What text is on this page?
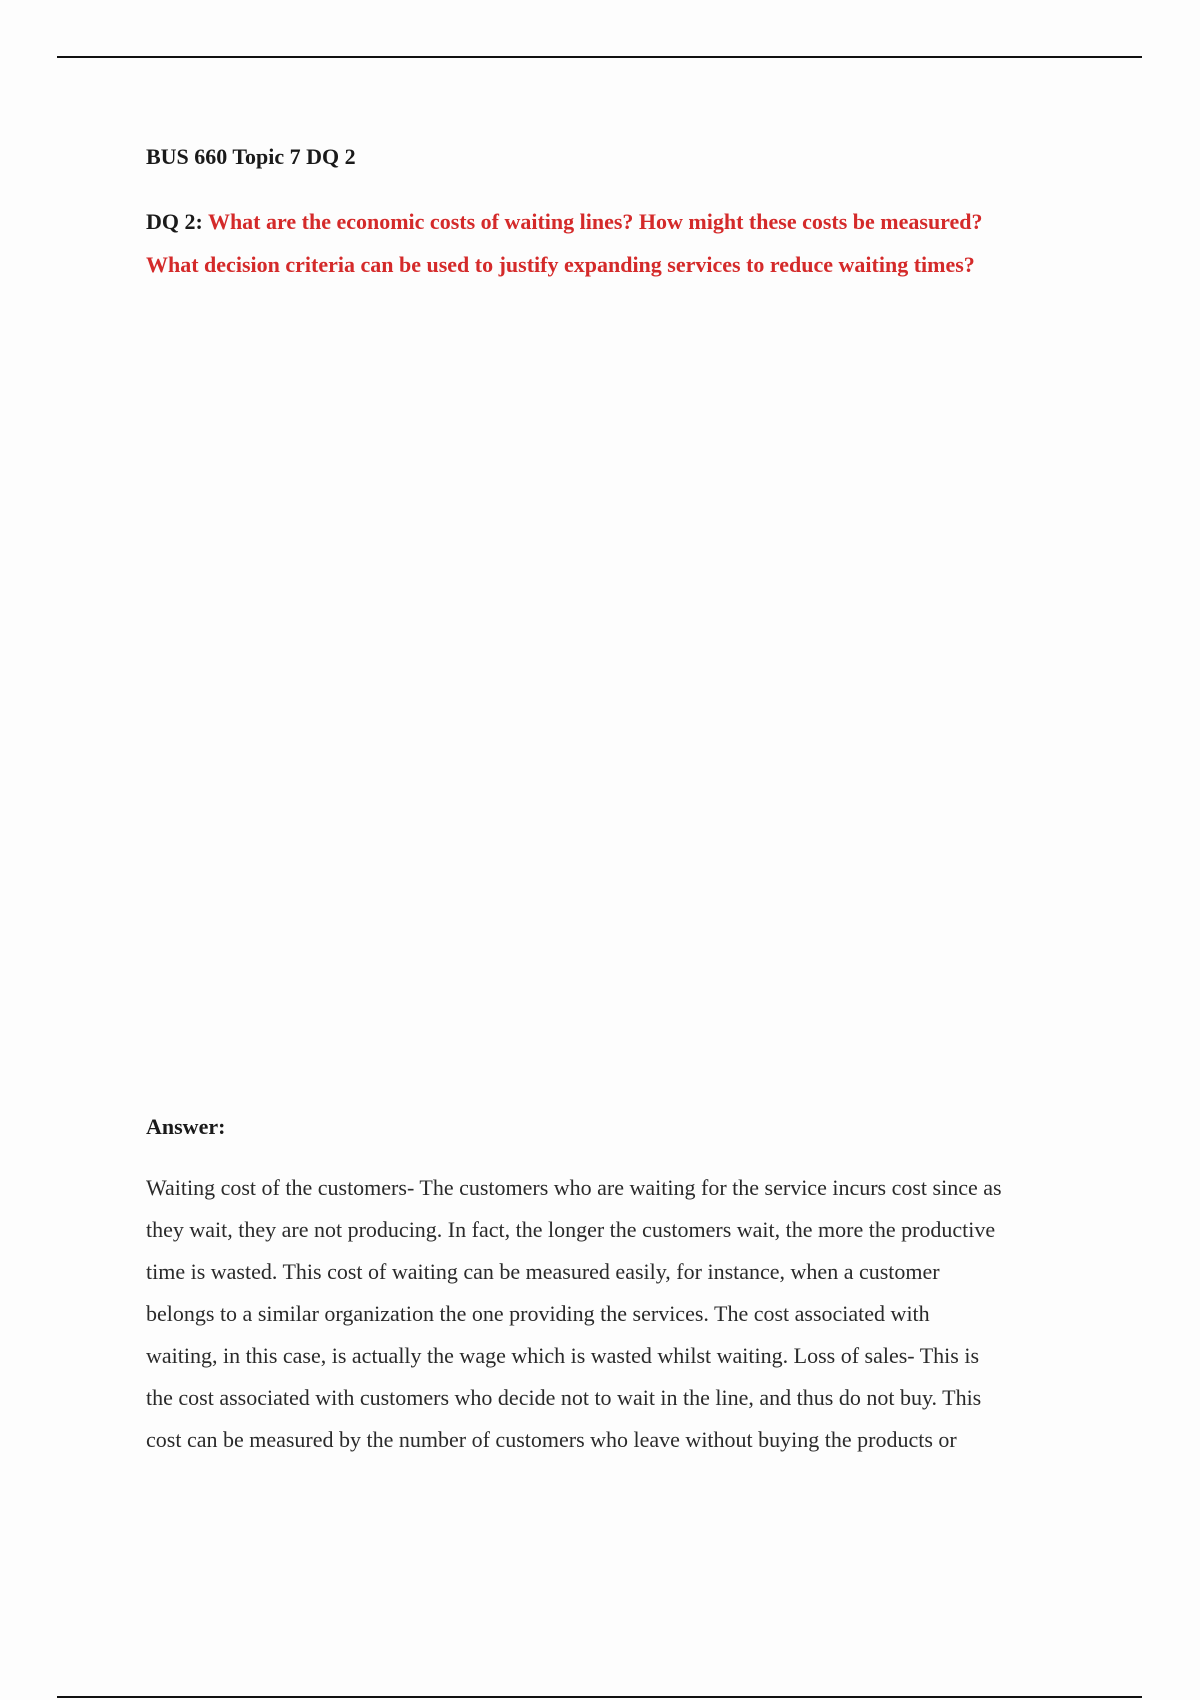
BUS 660 Topic 7 DQ 2

DQ 2: What are the economic costs of waiting lines? How might these costs be measured?
What decision criteria can be used to justify expanding services to reduce waiting times?

Answer:
Waiting cost of the customers- The customers who are waiting for the service incurs cost since as
they wait, they are not producing. In fact, the longer the customers wait, the more the productive
time is wasted. This cost of waiting can be measured easily, for instance, when a customer
belongs to a similar organization the one providing the services. The cost associated with
waiting, in this case, is actually the wage which is wasted whilst waiting. Loss of sales- This is
the cost associated with customers who decide not to wait in the line, and thus do not buy. This
cost can be measured by the number of customers who leave without buying the products or
